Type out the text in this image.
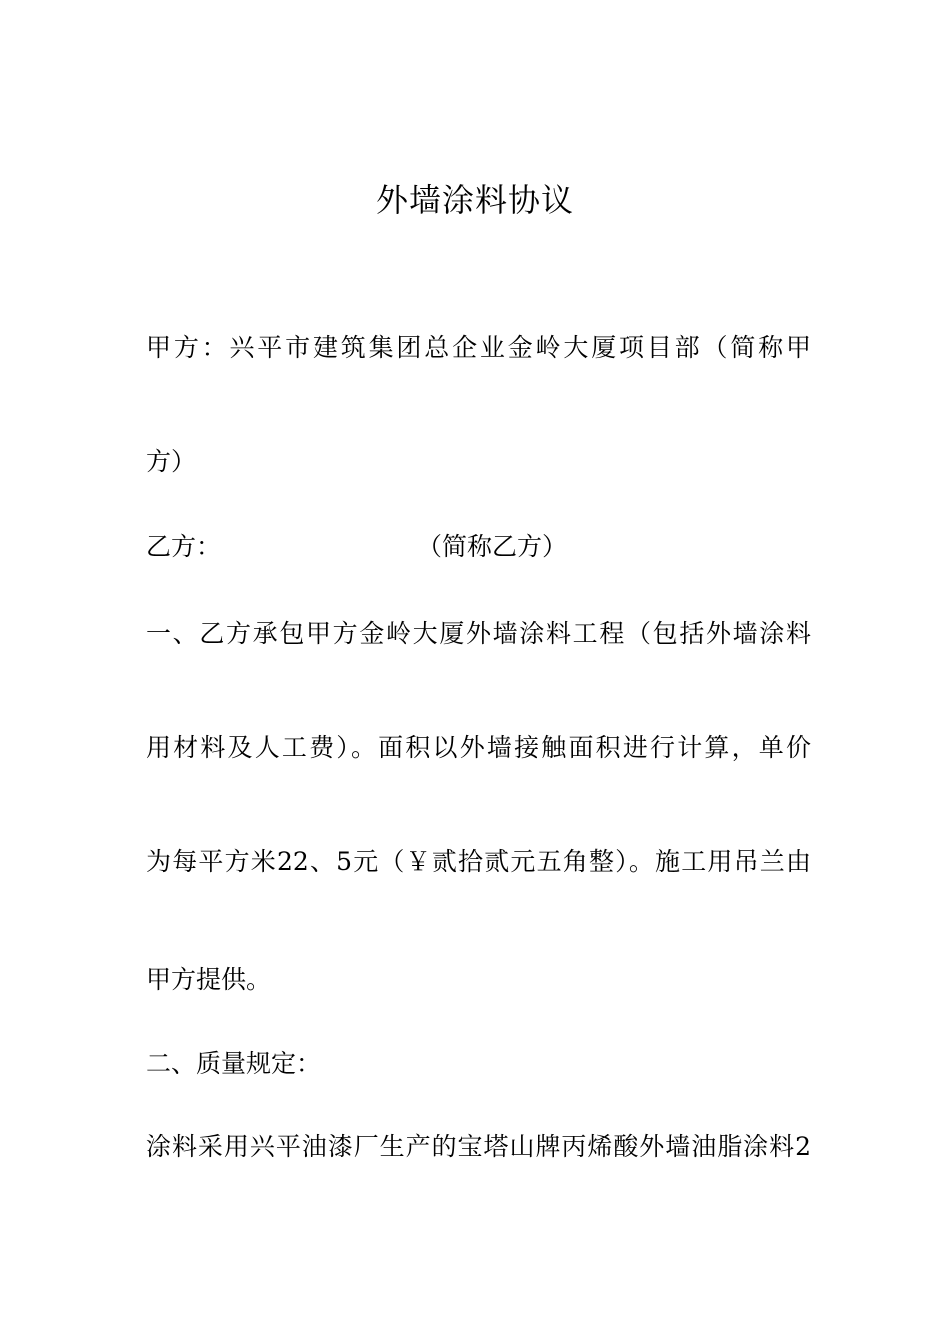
外墙涂料协议
甲方：兴平市建筑集团总企业金岭大厦项目部（简称甲
方）
乙方：	（简称乙方）
一、乙方承包甲方金岭大厦外墙涂料工程（包括外墙涂料
用材料及人工费）。面积以外墙接触面积进行计算，单价
为每平方米22、5元（￥贰拾贰元五角整）。施工用吊兰由
甲方提供。
二、质量规定：
涂料采用兴平油漆厂生产的宝塔山牌丙烯酸外墙油脂涂料2
